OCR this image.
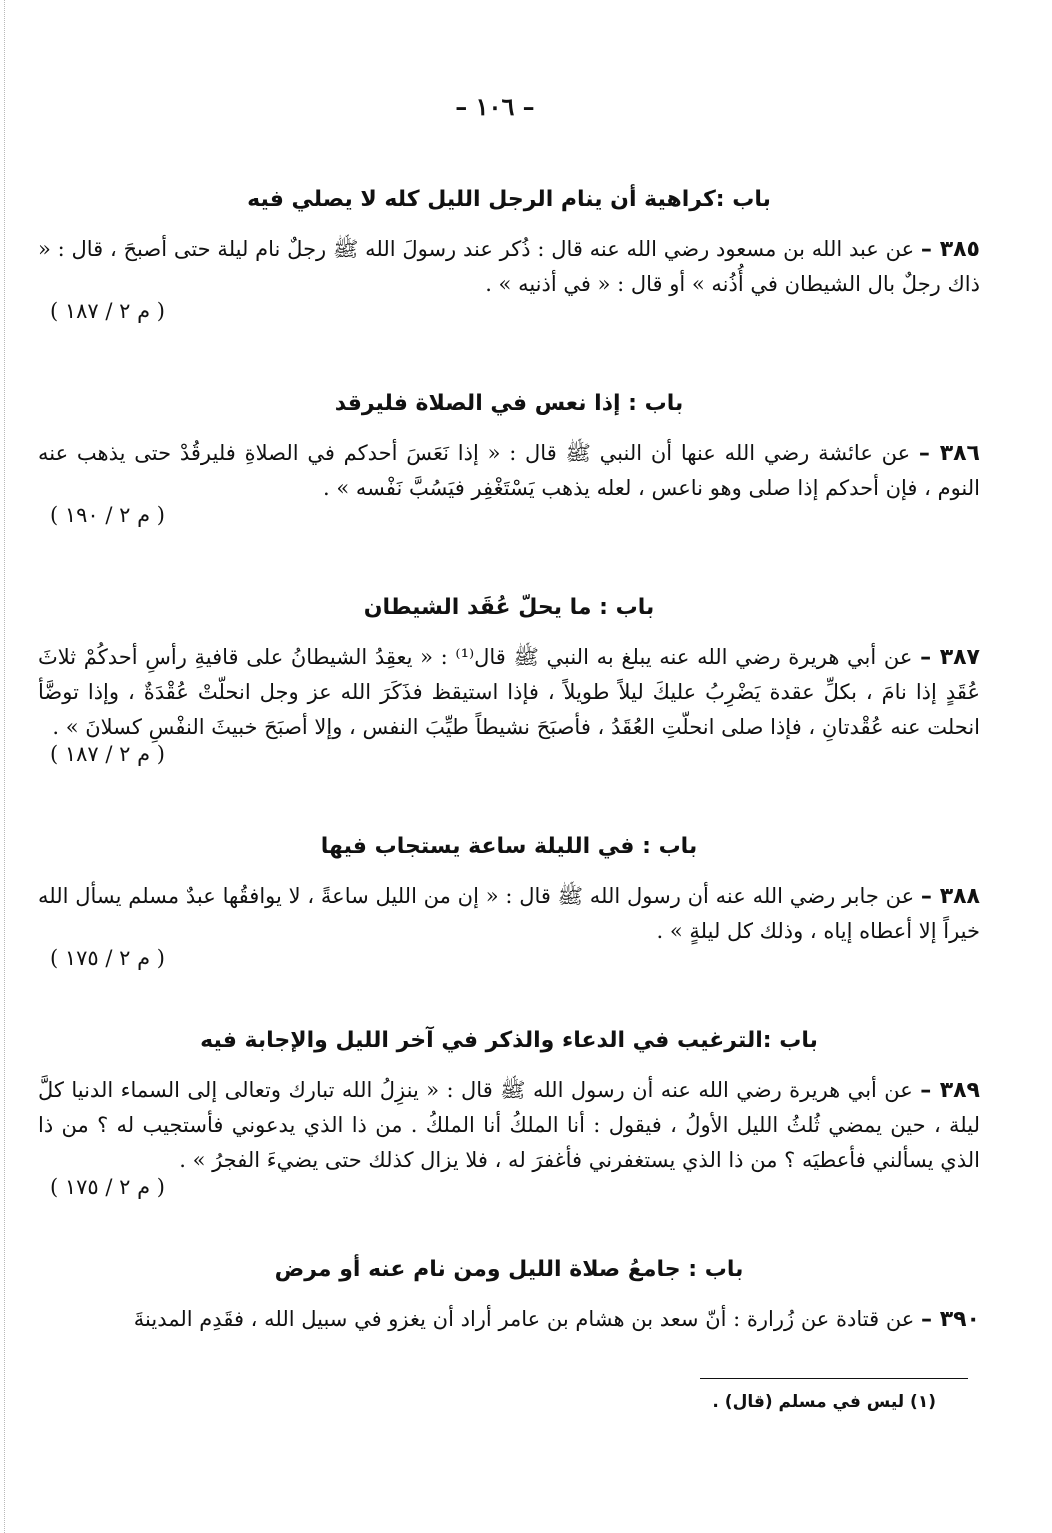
– ١٠٦ –
باب :كراهية أن ينام الرجل الليل كله لا يصلي فيه
٣٨٥ – عن عبد الله بن مسعود رضي الله عنه قال : ذُكر عند رسولَ الله ﷺ رجلٌ نام ليلة حتى أصبحَ ، قال : « ذاك رجلٌ بال الشيطان في أُذُنه » أو قال : « في أذنيه » .
( م ٢ / ١٨٧ )
باب : إذا نعس في الصلاة فليرقد
٣٨٦ – عن عائشة رضي الله عنها أن النبي ﷺ قال : « إذا نَعَسَ أحدكم في الصلاةِ فليرقُدْ حتى يذهب عنه النوم ، فإن أحدكم إذا صلى وهو ناعس ، لعله يذهب يَسْتَغْفِر فيَسُبَّ نَفْسه » .
( م ٢ / ١٩٠ )
باب : ما يحلّ عُقَد الشيطان
٣٨٧ – عن أبي هريرة رضي الله عنه يبلغ به النبي ﷺ قال⁽¹⁾ : « يعقِدُ الشيطانُ على قافيةِ رأسِ أحدكُمْ ثلاثَ عُقَدٍ إذا نامَ ، بكلِّ عقدة يَضْرِبُ عليكَ ليلاً طويلاً ، فإذا استيقظ فذَكَرَ الله عز وجل انحلّتْ عُقْدَةٌ ، وإذا توضَّأ انحلت عنه عُقْدتانِ ، فإذا صلى انحلّتِ العُقَدُ ، فأصبَحَ نشيطاً طيِّبَ النفس ، وإلا أصبَحَ خبيثَ النفْسِ كسلانَ » .
( م ٢ / ١٨٧ )
باب : في الليلة ساعة يستجاب فيها
٣٨٨ – عن جابر رضي الله عنه أن رسول الله ﷺ قال : « إن من الليل ساعةً ، لا يوافقُها عبدٌ مسلم يسأل الله خيراً إلا أعطاه إياه ، وذلك كل ليلةٍ » .
( م ٢ / ١٧٥ )
باب :الترغيب في الدعاء والذكر في آخر الليل والإجابة فيه
٣٨٩ – عن أبي هريرة رضي الله عنه أن رسول الله ﷺ قال : « ينزِلُ الله تبارك وتعالى إلى السماء الدنيا كلَّ ليلة ، حين يمضي ثُلثُ الليل الأولُ ، فيقول : أنا الملكُ أنا الملكُ . من ذا الذي يدعوني فأستجيب له ؟ من ذا الذي يسألني فأعطيَه ؟ من ذا الذي يستغفرني فأغفرَ له ، فلا يزال كذلك حتى يضيءَ الفجرُ » .
( م ٢ / ١٧٥ )
باب : جامعُ صلاة الليل ومن نام عنه أو مرض
٣٩٠ – عن قتادة عن زُرارة : أنّ سعد بن هشام بن عامر أراد أن يغزو في سبيل الله ، فقَدِم المدينةَ
(١) ليس في مسلم (قال) .
